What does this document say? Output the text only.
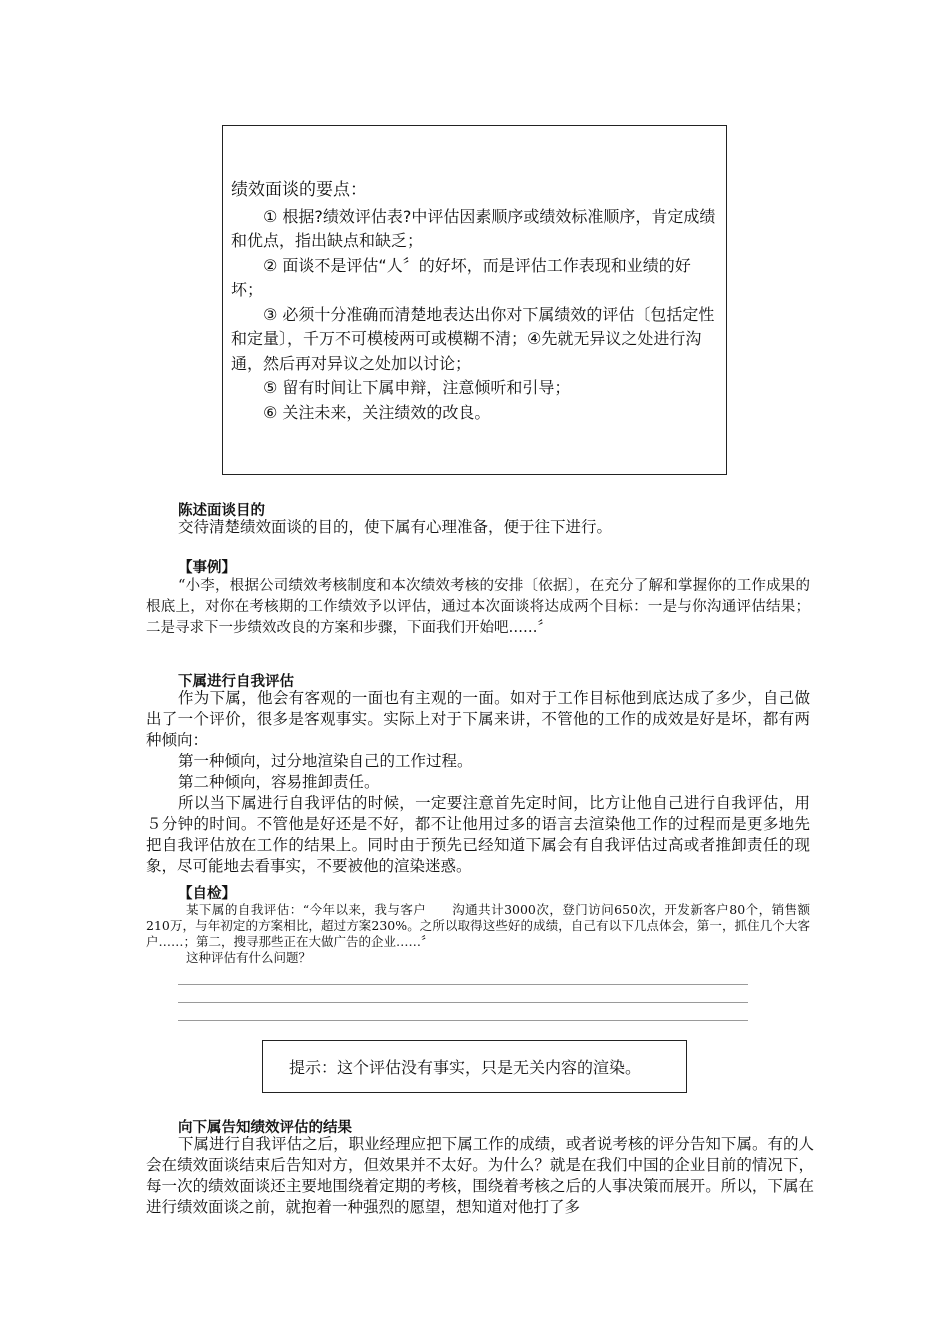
绩效面谈的要点：

① 根据?绩效评估表?中评估因素顺序或绩效标准顺序，肯定成绩和优点，指出缺点和缺乏；

② 面谈不是评估“人〞的好坏，而是评估工作表现和业绩的好坏；

③ 必须十分准确而清楚地表达出你对下属绩效的评估〔包括定性和定量〕，千万不可模棱两可或模糊不清；④先就无异议之处进行沟通，然后再对异议之处加以讨论；

⑤ 留有时间让下属申辩，注意倾听和引导；

⑥ 关注未来，关注绩效的改良。

陈述面谈目的
交待清楚绩效面谈的目的，使下属有心理准备，便于往下进行。
【事例】
“小李，根据公司绩效考核制度和本次绩效考核的安排〔依据〕，在充分了解和掌握你的工作成果的根底上，对你在考核期的工作绩效予以评估，通过本次面谈将达成两个目标：一是与你沟通评估结果；二是寻求下一步绩效改良的方案和步骤，下面我们开始吧……〞
下属进行自我评估
作为下属，他会有客观的一面也有主观的一面。如对于工作目标他到底达成了多少，自己做出了一个评价，很多是客观事实。实际上对于下属来讲，不管他的工作的成效是好是坏，都有两种倾向：
第一种倾向，过分地渲染自己的工作过程。
第二种倾向，容易推卸责任。
所以当下属进行自我评估的时候，一定要注意首先定时间，比方让他自己进行自我评估，用５分钟的时间。不管他是好还是不好，都不让他用过多的语言去渲染他工作的过程而是更多地先把自我评估放在工作的结果上。同时由于预先已经知道下属会有自我评估过高或者推卸责任的现象，尽可能地去看事实，不要被他的渲染迷惑。
【自检】
某下属的自我评估：“今年以来，我与客户　　沟通共计3000次，登门访问650次，开发新客户80个，销售额210万，与年初定的方案相比，超过方案230%。之所以取得这些好的成绩，自己有以下几点体会，第一，抓住几个大客户……；第二，搜寻那些正在大做广告的企业……〞
这种评估有什么问题？
提示：这个评估没有事实，只是无关内容的渲染。
向下属告知绩效评估的结果
下属进行自我评估之后，职业经理应把下属工作的成绩，或者说考核的评分告知下属。有的人会在绩效面谈结束后告知对方，但效果并不太好。为什么？就是在我们中国的企业目前的情况下，每一次的绩效面谈还主要地围绕着定期的考核，围绕着考核之后的人事决策而展开。所以，下属在进行绩效面谈之前，就抱着一种强烈的愿望，想知道对他打了多
